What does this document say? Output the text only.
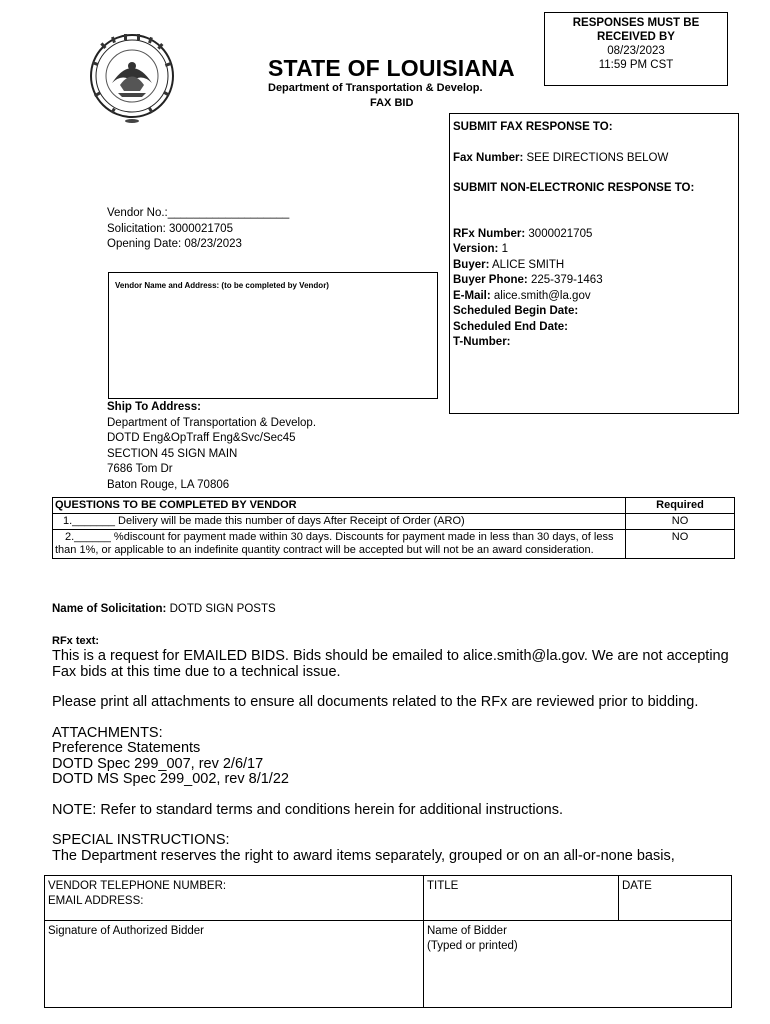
RESPONSES MUST BE
RECEIVED BY
08/23/2023
11:59 PM CST
STATE OF LOUISIANA
Department of Transportation & Develop.
FAX BID
SUBMIT FAX RESPONSE TO:
Fax Number: SEE DIRECTIONS BELOW
SUBMIT NON-ELECTRONIC RESPONSE TO:
RFx Number: 3000021705
Version: 1
Buyer: ALICE SMITH
Buyer Phone: 225-379-1463
E-Mail: alice.smith@la.gov
Scheduled Begin Date:
Scheduled End Date:
T-Number:
Vendor No.:___________________
Solicitation: 3000021705
Opening Date: 08/23/2023
Vendor Name and Address: (to be completed by Vendor)
Ship To Address:
Department of Transportation & Develop.
DOTD Eng&OpTraff Eng&Svc/Sec45
SECTION 45 SIGN MAIN
7686 Tom Dr
Baton Rouge, LA 70806
QUESTIONS TO BE COMPLETED BY VENDOR	Required
1._______ Delivery will be made this number of days After Receipt of Order (ARO)	NO
2.______ %discount for payment made within 30 days. Discounts for payment made in less than 30 days, of less than 1%, or applicable to an indefinite quantity contract will be accepted but will not be an award consideration.	NO
Name of Solicitation: DOTD SIGN POSTS
RFx text:

This is a request for EMAILED BIDS. Bids should be emailed to alice.smith@la.gov. We are not accepting Fax bids at this time due to a technical issue.

Please print all attachments to ensure all documents related to the RFx are reviewed prior to bidding.

ATTACHMENTS:

Preference Statements

DOTD Spec 299_007, rev 2/6/17

DOTD MS Spec 299_002, rev 8/1/22

NOTE: Refer to standard terms and conditions herein for additional instructions.

SPECIAL INSTRUCTIONS:

The Department reserves the right to award items separately, grouped or on an all-or-none basis,

VENDOR TELEPHONE NUMBER:
EMAIL ADDRESS:	TITLE	DATE
Signature of Authorized Bidder	Name of Bidder
(Typed or printed)	
